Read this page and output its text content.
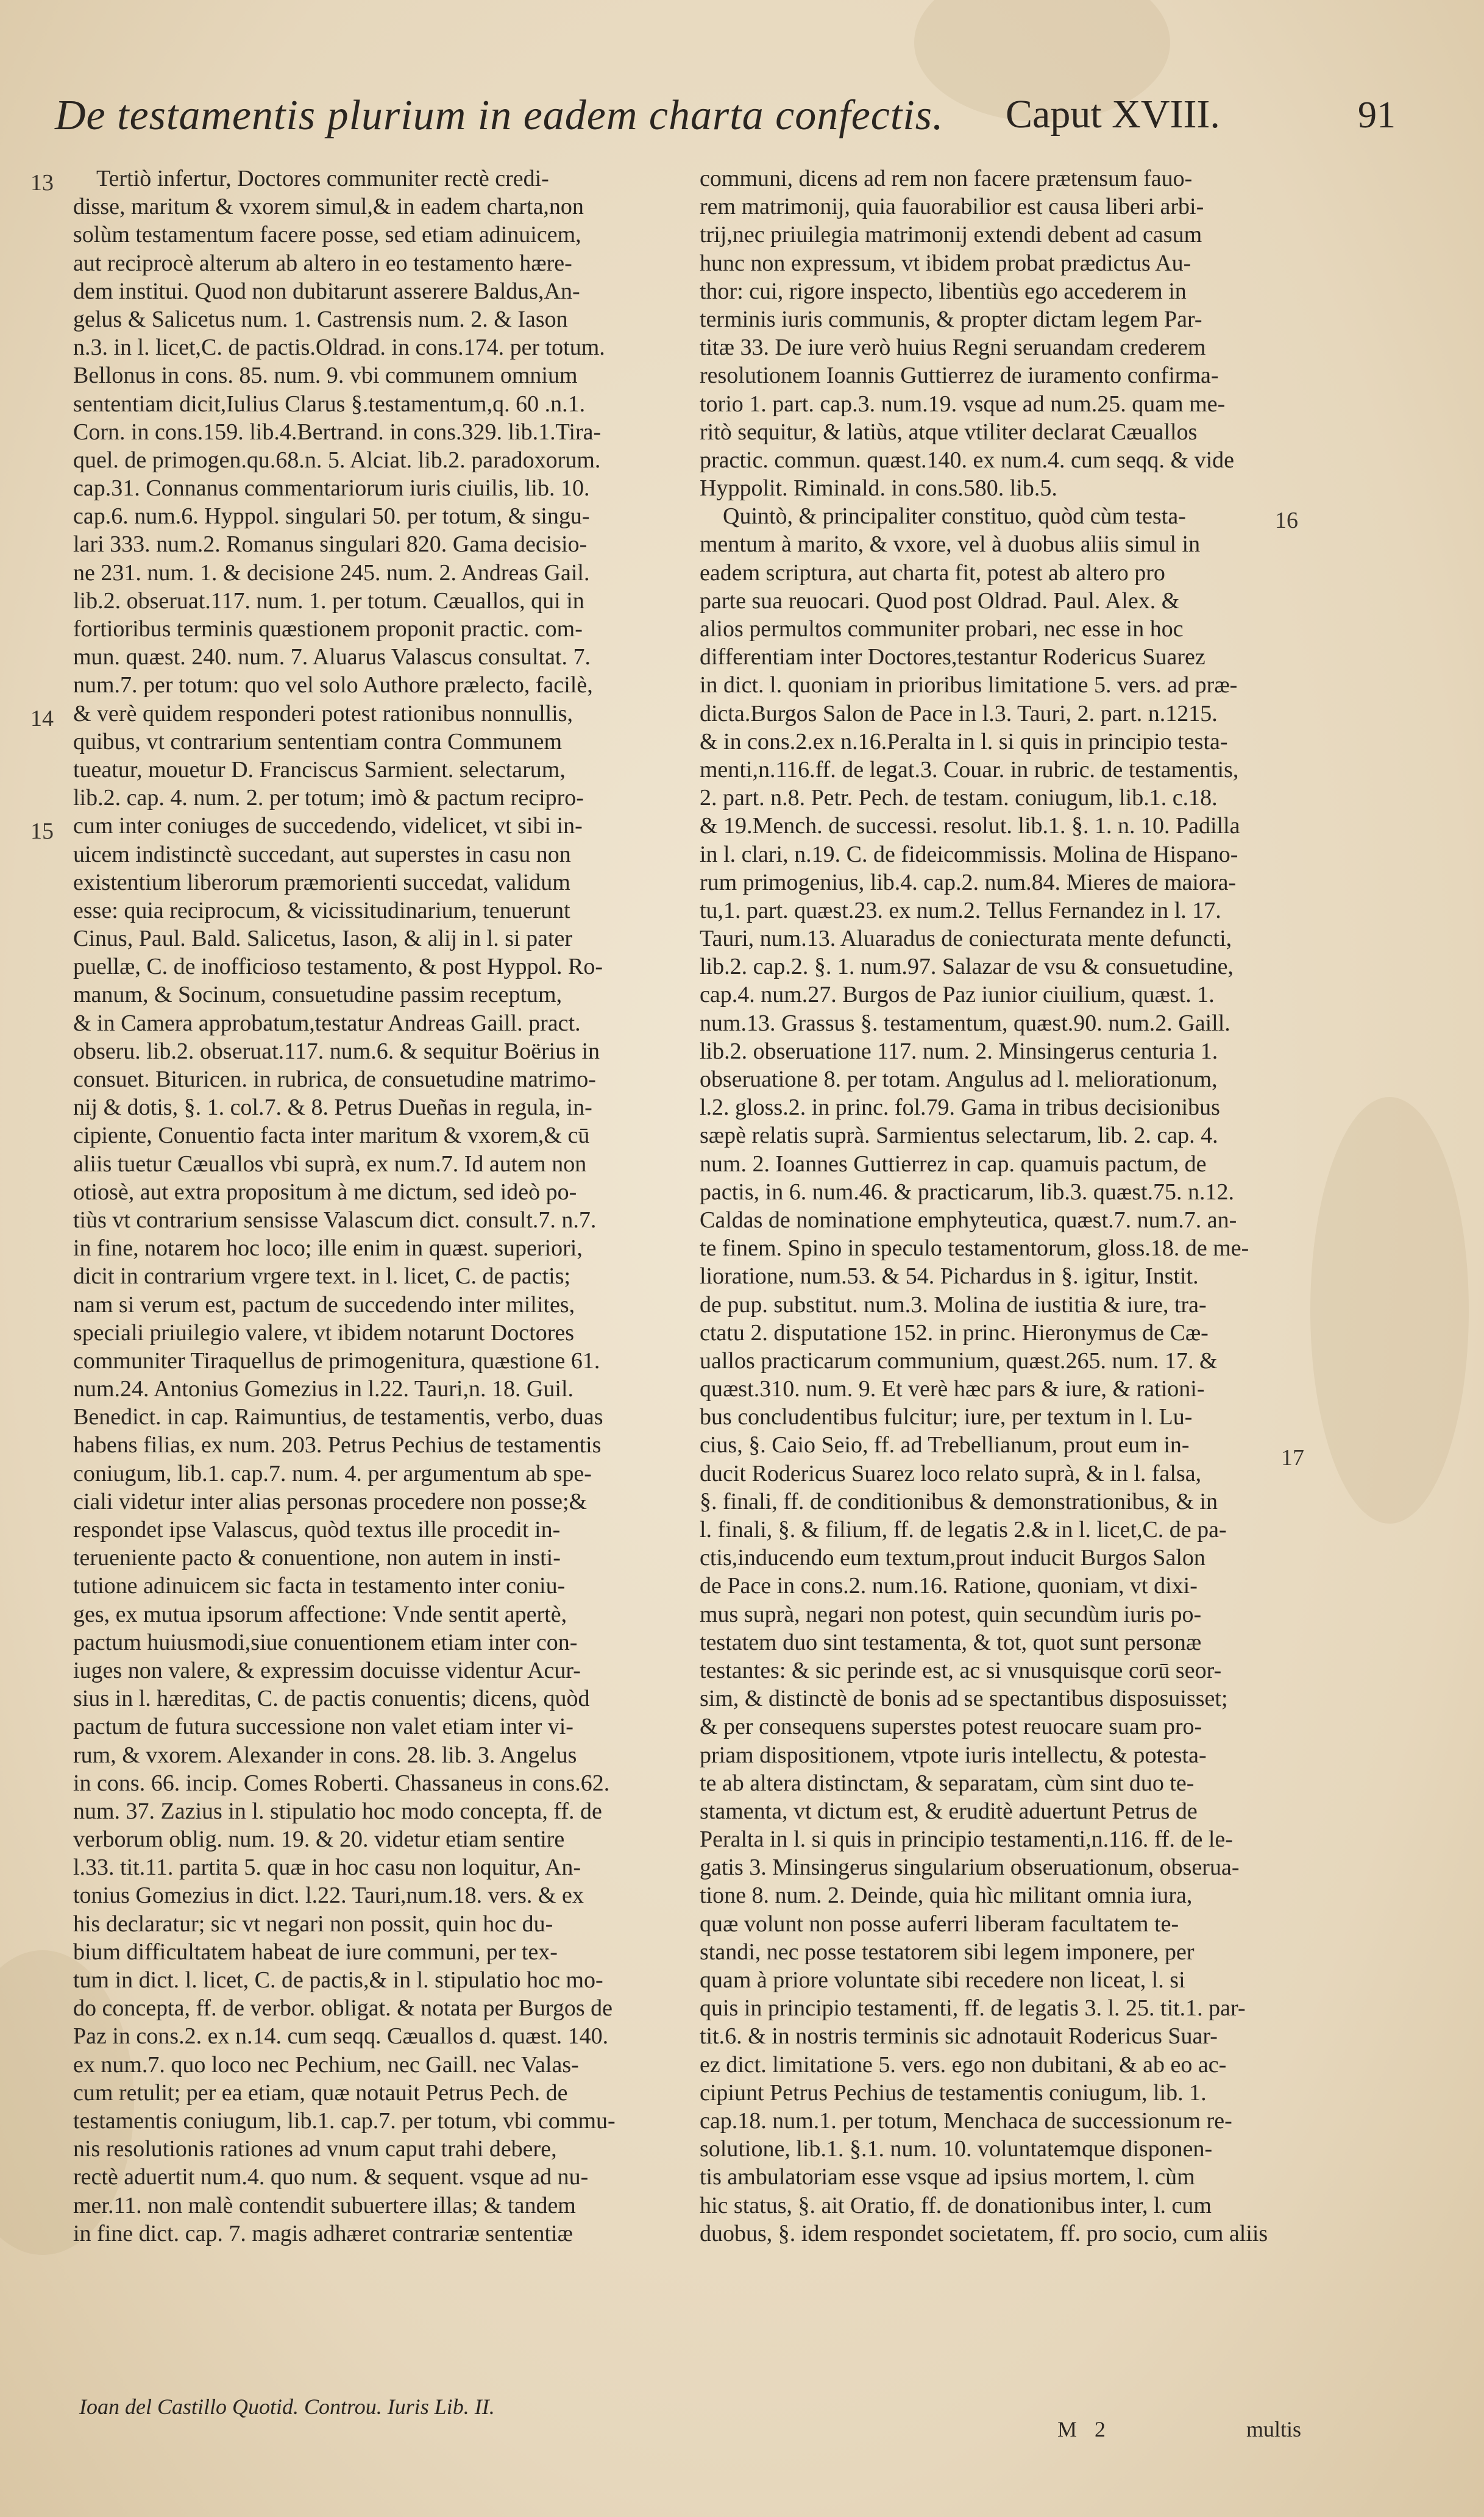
De testamentis plurium in eadem charta confectis. Caput XVIII.	91
13
14
15
16
17
Tertiò infertur, Doctores communiter rectè credi-
disse, maritum & vxorem simul,& in eadem charta,non
solùm testamentum facere posse, sed etiam adinuicem,
aut reciprocè alterum ab altero in eo testamento hære-
dem institui. Quod non dubitarunt asserere Baldus,An-
gelus & Salicetus num. 1. Castrensis num. 2. & Iason
n.3. in l. licet,C. de pactis.Oldrad. in cons.174. per totum.
Bellonus in cons. 85. num. 9. vbi communem omnium
sententiam dicit,Iulius Clarus §.testamentum,q. 60 .n.1.
Corn. in cons.159. lib.4.Bertrand. in cons.329. lib.1.Tira-
quel. de primogen.qu.68.n. 5. Alciat. lib.2. paradoxorum.
cap.31. Connanus commentariorum iuris ciuilis, lib. 10.
cap.6. num.6. Hyppol. singulari 50. per totum, & singu-
lari 333. num.2. Romanus singulari 820. Gama decisio-
ne 231. num. 1. & decisione 245. num. 2. Andreas Gail.
lib.2. obseruat.117. num. 1. per totum. Cæuallos, qui in
fortioribus terminis quæstionem proponit practic. com-
mun. quæst. 240. num. 7. Aluarus Valascus consultat. 7.
num.7. per totum: quo vel solo Authore prælecto, facilè,
& verè quidem responderi potest rationibus nonnullis,
quibus, vt contrarium sententiam contra Communem
tueatur, mouetur D. Franciscus Sarmient. selectarum,
lib.2. cap. 4. num. 2. per totum; imò & pactum recipro-
cum inter coniuges de succedendo, videlicet, vt sibi in-
uicem indistinctè succedant, aut superstes in casu non
existentium liberorum præmorienti succedat, validum
esse: quia reciprocum, & vicissitudinarium, tenuerunt
Cinus, Paul. Bald. Salicetus, Iason, & alij in l. si pater
puellæ, C. de inofficioso testamento, & post Hyppol. Ro-
manum, & Socinum, consuetudine passim receptum,
& in Camera approbatum,testatur Andreas Gaill. pract.
obseru. lib.2. obseruat.117. num.6. & sequitur Boërius in
consuet. Bituricen. in rubrica, de consuetudine matrimo-
nij & dotis, §. 1. col.7. & 8. Petrus Dueñas in regula, in-
cipiente, Conuentio facta inter maritum & vxorem,& cū
aliis tuetur Cæuallos vbi suprà, ex num.7. Id autem non
otiosè, aut extra propositum à me dictum, sed ideò po-
tiùs vt contrarium sensisse Valascum dict. consult.7. n.7.
in fine, notarem hoc loco; ille enim in quæst. superiori,
dicit in contrarium vrgere text. in l. licet, C. de pactis;
nam si verum est, pactum de succedendo inter milites,
speciali priuilegio valere, vt ibidem notarunt Doctores
communiter Tiraquellus de primogenitura, quæstione 61.
num.24. Antonius Gomezius in l.22. Tauri,n. 18. Guil.
Benedict. in cap. Raimuntius, de testamentis, verbo, duas
habens filias, ex num. 203. Petrus Pechius de testamentis
coniugum, lib.1. cap.7. num. 4. per argumentum ab spe-
ciali videtur inter alias personas procedere non posse;&
respondet ipse Valascus, quòd textus ille procedit in-
terueniente pacto & conuentione, non autem in insti-
tutione adinuicem sic facta in testamento inter coniu-
ges, ex mutua ipsorum affectione: Vnde sentit apertè,
pactum huiusmodi,siue conuentionem etiam inter con-
iuges non valere, & expressim docuisse videntur Acur-
sius in l. hæreditas, C. de pactis conuentis; dicens, quòd
pactum de futura successione non valet etiam inter vi-
rum, & vxorem. Alexander in cons. 28. lib. 3. Angelus
in cons. 66. incip. Comes Roberti. Chassaneus in cons.62.
num. 37. Zazius in l. stipulatio hoc modo concepta, ff. de
verborum oblig. num. 19. & 20. videtur etiam sentire
l.33. tit.11. partita 5. quæ in hoc casu non loquitur, An-
tonius Gomezius in dict. l.22. Tauri,num.18. vers. & ex
his declaratur; sic vt negari non possit, quin hoc du-
bium difficultatem habeat de iure communi, per tex-
tum in dict. l. licet, C. de pactis,& in l. stipulatio hoc mo-
do concepta, ff. de verbor. obligat. & notata per Burgos de
Paz in cons.2. ex n.14. cum seqq. Cæuallos d. quæst. 140.
ex num.7. quo loco nec Pechium, nec Gaill. nec Valas-
cum retulit; per ea etiam, quæ notauit Petrus Pech. de
testamentis coniugum, lib.1. cap.7. per totum, vbi commu-
nis resolutionis rationes ad vnum caput trahi debere,
rectè aduertit num.4. quo num. & sequent. vsque ad nu-
mer.11. non malè contendit subuertere illas; & tandem
in fine dict. cap. 7. magis adhæret contrariæ sententiæ
communi, dicens ad rem non facere prætensum fauo-
rem matrimonij, quia fauorabilior est causa liberi arbi-
trij,nec priuilegia matrimonij extendi debent ad casum
hunc non expressum, vt ibidem probat prædictus Au-
thor: cui, rigore inspecto, libentiùs ego accederem in
terminis iuris communis, & propter dictam legem Par-
titæ 33. De iure verò huius Regni seruandam crederem
resolutionem Ioannis Guttierrez de iuramento confirma-
torio 1. part. cap.3. num.19. vsque ad num.25. quam me-
ritò sequitur, & latiùs, atque vtiliter declarat Cæuallos
practic. commun. quæst.140. ex num.4. cum seqq. & vide
Hyppolit. Riminald. in cons.580. lib.5.
Quintò, & principaliter constituo, quòd cùm testa-
mentum à marito, & vxore, vel à duobus aliis simul in
eadem scriptura, aut charta fit, potest ab altero pro
parte sua reuocari. Quod post Oldrad. Paul. Alex. &
alios permultos communiter probari, nec esse in hoc
differentiam inter Doctores,testantur Rodericus Suarez
in dict. l. quoniam in prioribus limitatione 5. vers. ad præ-
dicta.Burgos Salon de Pace in l.3. Tauri, 2. part. n.1215.
& in cons.2.ex n.16.Peralta in l. si quis in principio testa-
menti,n.116.ff. de legat.3. Couar. in rubric. de testamentis,
2. part. n.8. Petr. Pech. de testam. coniugum, lib.1. c.18.
& 19.Mench. de successi. resolut. lib.1. §. 1. n. 10. Padilla
in l. clari, n.19. C. de fideicommissis. Molina de Hispano-
rum primogenius, lib.4. cap.2. num.84. Mieres de maiora-
tu,1. part. quæst.23. ex num.2. Tellus Fernandez in l. 17.
Tauri, num.13. Aluaradus de coniecturata mente defuncti,
lib.2. cap.2. §. 1. num.97. Salazar de vsu & consuetudine,
cap.4. num.27. Burgos de Paz iunior ciuilium, quæst. 1.
num.13. Grassus §. testamentum, quæst.90. num.2. Gaill.
lib.2. obseruatione 117. num. 2. Minsingerus centuria 1.
obseruatione 8. per totam. Angulus ad l. meliorationum,
l.2. gloss.2. in princ. fol.79. Gama in tribus decisionibus
sæpè relatis suprà. Sarmientus selectarum, lib. 2. cap. 4.
num. 2. Ioannes Guttierrez in cap. quamuis pactum, de
pactis, in 6. num.46. & practicarum, lib.3. quæst.75. n.12.
Caldas de nominatione emphyteutica, quæst.7. num.7. an-
te finem. Spino in speculo testamentorum, gloss.18. de me-
lioratione, num.53. & 54. Pichardus in §. igitur, Instit.
de pup. substitut. num.3. Molina de iustitia & iure, tra-
ctatu 2. disputatione 152. in princ. Hieronymus de Cæ-
uallos practicarum communium, quæst.265. num. 17. &
quæst.310. num. 9. Et verè hæc pars & iure, & rationi-
bus concludentibus fulcitur; iure, per textum in l. Lu-
cius, §. Caio Seio, ff. ad Trebellianum, prout eum in-
ducit Rodericus Suarez loco relato suprà, & in l. falsa,
§. finali, ff. de conditionibus & demonstrationibus, & in
l. finali, §. & filium, ff. de legatis 2.& in l. licet,C. de pa-
ctis,inducendo eum textum,prout inducit Burgos Salon
de Pace in cons.2. num.16. Ratione, quoniam, vt dixi-
mus suprà, negari non potest, quin secundùm iuris po-
testatem duo sint testamenta, & tot, quot sunt personæ
testantes: & sic perinde est, ac si vnusquisque corū seor-
sim, & distinctè de bonis ad se spectantibus disposuisset;
& per consequens superstes potest reuocare suam pro-
priam dispositionem, vtpote iuris intellectu, & potesta-
te ab altera distinctam, & separatam, cùm sint duo te-
stamenta, vt dictum est, & eruditè aduertunt Petrus de
Peralta in l. si quis in principio testamenti,n.116. ff. de le-
gatis 3. Minsingerus singularium obseruationum, obserua-
tione 8. num. 2. Deinde, quia hìc militant omnia iura,
quæ volunt non posse auferri liberam facultatem te-
standi, nec posse testatorem sibi legem imponere, per
quam à priore voluntate sibi recedere non liceat, l. si
quis in principio testamenti, ff. de legatis 3. l. 25. tit.1. par-
tit.6. & in nostris terminis sic adnotauit Rodericus Suar-
ez dict. limitatione 5. vers. ego non dubitani, & ab eo ac-
cipiunt Petrus Pechius de testamentis coniugum, lib. 1.
cap.18. num.1. per totum, Menchaca de successionum re-
solutione, lib.1. §.1. num. 10. voluntatemque disponen-
tis ambulatoriam esse vsque ad ipsius mortem, l. cùm
hic status, §. ait Oratio, ff. de donationibus inter, l. cum
duobus, §. idem respondet societatem, ff. pro socio, cum aliis
Ioan del Castillo Quotid. Controu. Iuris Lib. II.
M 2	multis
